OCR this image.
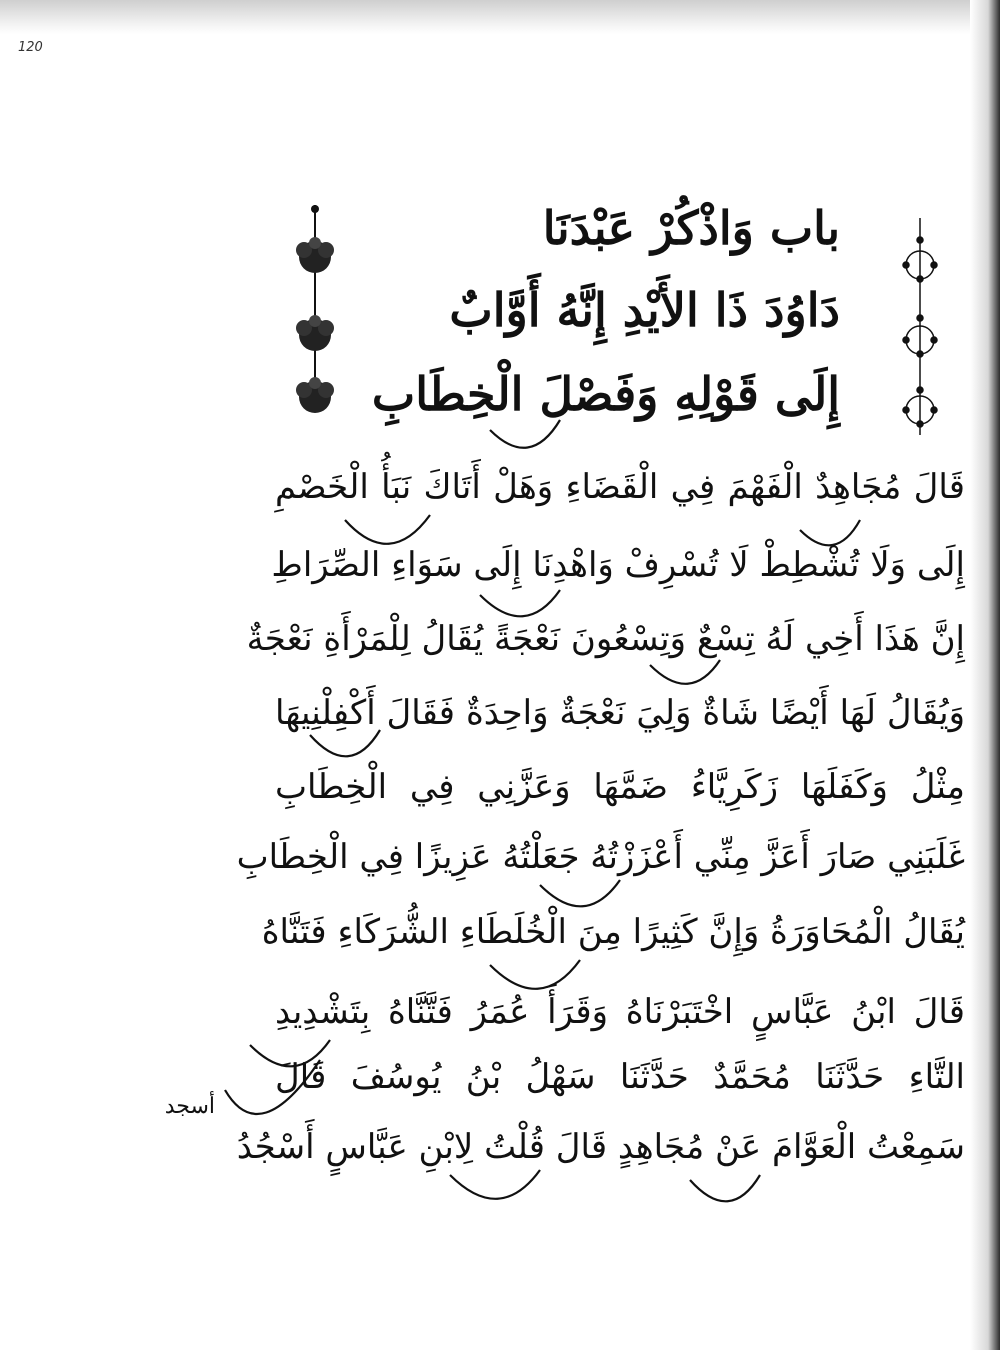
120
باب وَاذْكُرْ عَبْدَنَا
دَاوُدَ ذَا الأَيْدِ إِنَّهُ أَوَّابٌ
إِلَى قَوْلِهِ وَفَصْلَ الْخِطَابِ
قَالَ مُجَاهِدٌ الْفَهْمَ فِي الْقَضَاءِ وَهَلْ أَتَاكَ نَبَأُ الْخَصْمِ
إِلَى وَلَا تُشْطِطْ لَا تُسْرِفْ وَاهْدِنَا إِلَى سَوَاءِ الصِّرَاطِ
إِنَّ هَذَا أَخِي لَهُ تِسْعٌ وَتِسْعُونَ نَعْجَةً يُقَالُ لِلْمَرْأَةِ نَعْجَةٌ
وَيُقَالُ لَهَا أَيْضًا شَاةٌ وَلِيَ نَعْجَةٌ وَاحِدَةٌ فَقَالَ أَكْفِلْنِيهَا
مِثْلُ وَكَفَلَهَا زَكَرِيَّاءُ ضَمَّهَا وَعَزَّنِي فِي الْخِطَابِ
غَلَبَنِي صَارَ أَعَزَّ مِنِّي أَعْزَزْتُهُ جَعَلْتُهُ عَزِيزًا فِي الْخِطَابِ
يُقَالُ الْمُحَاوَرَةُ وَإِنَّ كَثِيرًا مِنَ الْخُلَطَاءِ الشُّرَكَاءِ فَتَنَّاهُ
قَالَ ابْنُ عَبَّاسٍ اخْتَبَرْنَاهُ وَقَرَأَ عُمَرُ فَتَّنَّاهُ بِتَشْدِيدِ
التَّاءِ حَدَّثَنَا مُحَمَّدٌ حَدَّثَنَا سَهْلُ بْنُ يُوسُفَ قَالَ
سَمِعْتُ الْعَوَّامَ عَنْ مُجَاهِدٍ قَالَ قُلْتُ لِابْنِ عَبَّاسٍ أَسْجُدُ
أسجد
